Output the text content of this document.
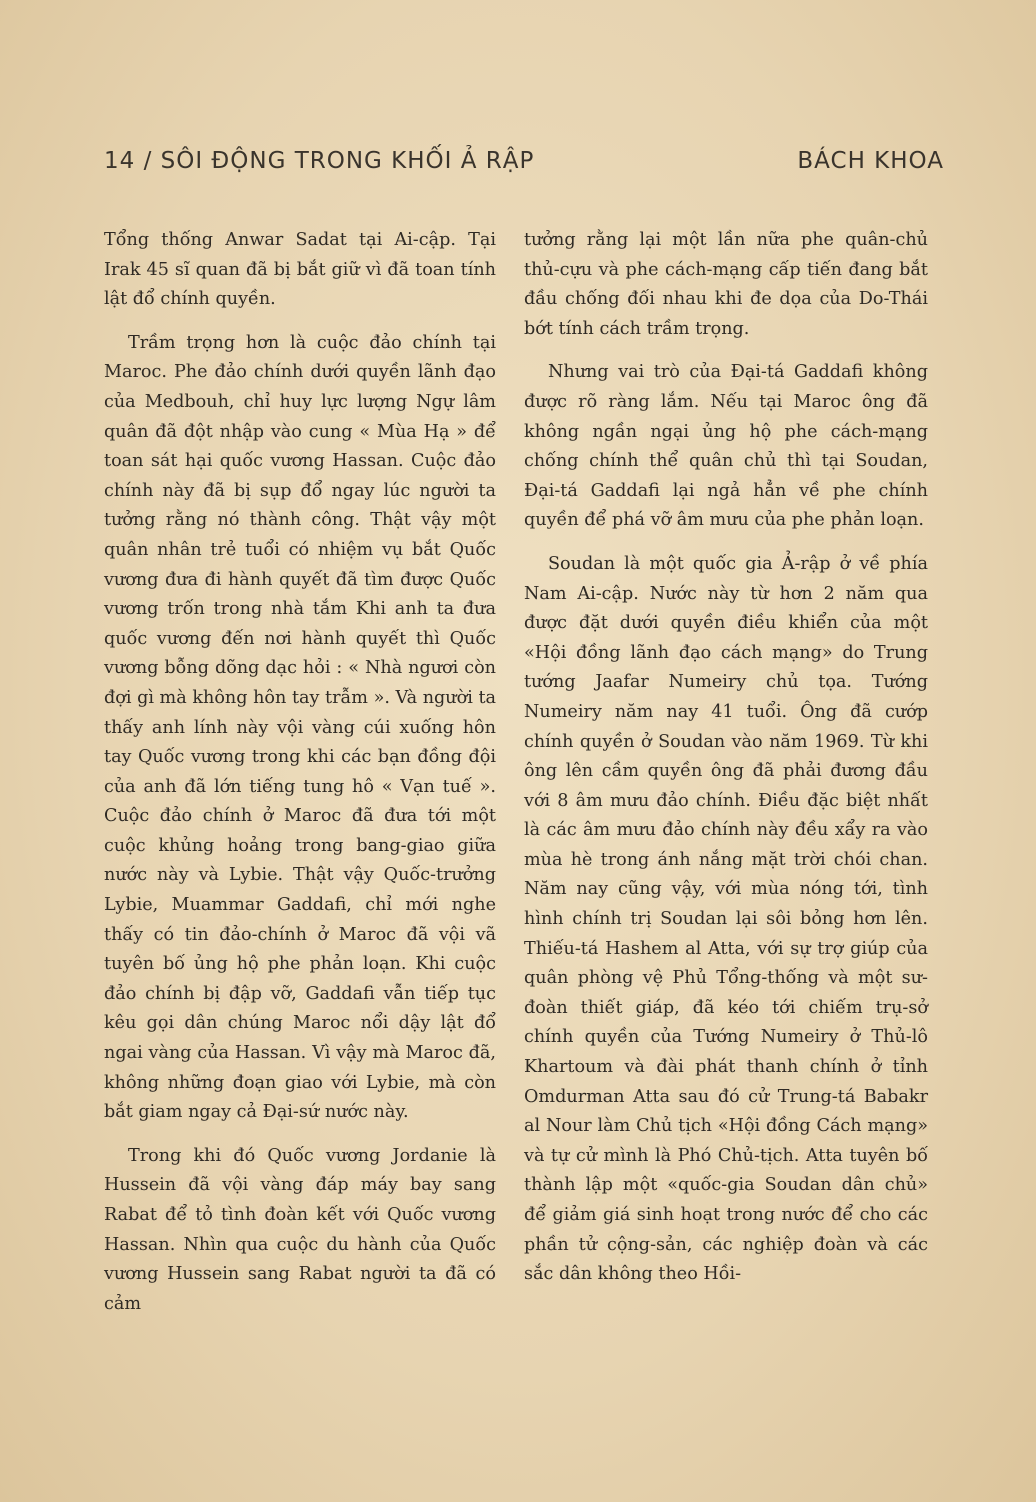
14 / SÔI ĐỘNG TRONG KHỐI Ả RẬP	BÁCH KHOA

Tổng thống Anwar Sadat tại Ai-cập. Tại Irak 45 sĩ quan đã bị bắt giữ vì đã toan tính lật đổ chính quyền.

Trầm trọng hơn là cuộc đảo chính tại Maroc. Phe đảo chính dưới quyền lãnh đạo của Medbouh, chỉ huy lực lượng Ngự lâm quân đã đột nhập vào cung « Mùa Hạ » để toan sát hại quốc vương Hassan. Cuộc đảo chính này đã bị sụp đổ ngay lúc người ta tưởng rằng nó thành công. Thật vậy một quân nhân trẻ tuổi có nhiệm vụ bắt Quốc vương đưa đi hành quyết đã tìm được Quốc vương trốn trong nhà tắm Khi anh ta đưa quốc vương đến nơi hành quyết thì Quốc vương bỗng dõng dạc hỏi : « Nhà ngươi còn đợi gì mà không hôn tay trẫm ». Và người ta thấy anh lính này vội vàng cúi xuống hôn tay Quốc vương trong khi các bạn đồng đội của anh đã lớn tiếng tung hô « Vạn tuế ». Cuộc đảo chính ở Maroc đã đưa tới một cuộc khủng hoảng trong bang-giao giữa nước này và Lybie. Thật vậy Quốc-trưởng Lybie, Muammar Gaddafi, chỉ mới nghe thấy có tin đảo-chính ở Maroc đã vội vã tuyên bố ủng hộ phe phản loạn. Khi cuộc đảo chính bị đập vỡ, Gaddafi vẫn tiếp tục kêu gọi dân chúng Maroc nổi dậy lật đổ ngai vàng của Hassan. Vì vậy mà Maroc đã, không những đoạn giao với Lybie, mà còn bắt giam ngay cả Đại-sứ nước này.

Trong khi đó Quốc vương Jordanie là Hussein đã vội vàng đáp máy bay sang Rabat để tỏ tình đoàn kết với Quốc vương Hassan. Nhìn qua cuộc du hành của Quốc vương Hussein sang Rabat người ta đã có cảm

tưởng rằng lại một lần nữa phe quân-chủ thủ-cựu và phe cách-mạng cấp tiến đang bắt đầu chống đối nhau khi đe dọa của Do-Thái bớt tính cách trầm trọng.

Nhưng vai trò của Đại-tá Gaddafi không được rõ ràng lắm. Nếu tại Maroc ông đã không ngần ngại ủng hộ phe cách-mạng chống chính thể quân chủ thì tại Soudan, Đại-tá Gaddafi lại ngả hẳn về phe chính quyền để phá vỡ âm mưu của phe phản loạn.

Soudan là một quốc gia Ả-rập ở về phía Nam Ai-cập. Nước này từ hơn 2 năm qua được đặt dưới quyền điều khiển của một «Hội đồng lãnh đạo cách mạng» do Trung tướng Jaafar Numeiry chủ tọa. Tướng Numeiry năm nay 41 tuổi. Ông đã cướp chính quyền ở Soudan vào năm 1969. Từ khi ông lên cầm quyền ông đã phải đương đầu với 8 âm mưu đảo chính. Điều đặc biệt nhất là các âm mưu đảo chính này đều xẩy ra vào mùa hè trong ánh nắng mặt trời chói chan. Năm nay cũng vậy, với mùa nóng tới, tình hình chính trị Soudan lại sôi bỏng hơn lên. Thiếu-tá Hashem al Atta, với sự trợ giúp của quân phòng vệ Phủ Tổng-thống và một sư-đoàn thiết giáp, đã kéo tới chiếm trụ-sở chính quyền của Tướng Numeiry ở Thủ-lô Khartoum và đài phát thanh chính ở tỉnh Omdurman Atta sau đó cử Trung-tá Babakr al Nour làm Chủ tịch «Hội đồng Cách mạng» và tự cử mình là Phó Chủ-tịch. Atta tuyên bố thành lập một «quốc-gia Soudan dân chủ» để giảm giá sinh hoạt trong nước để cho các phần tử cộng-sản, các nghiệp đoàn và các sắc dân không theo Hồi-
